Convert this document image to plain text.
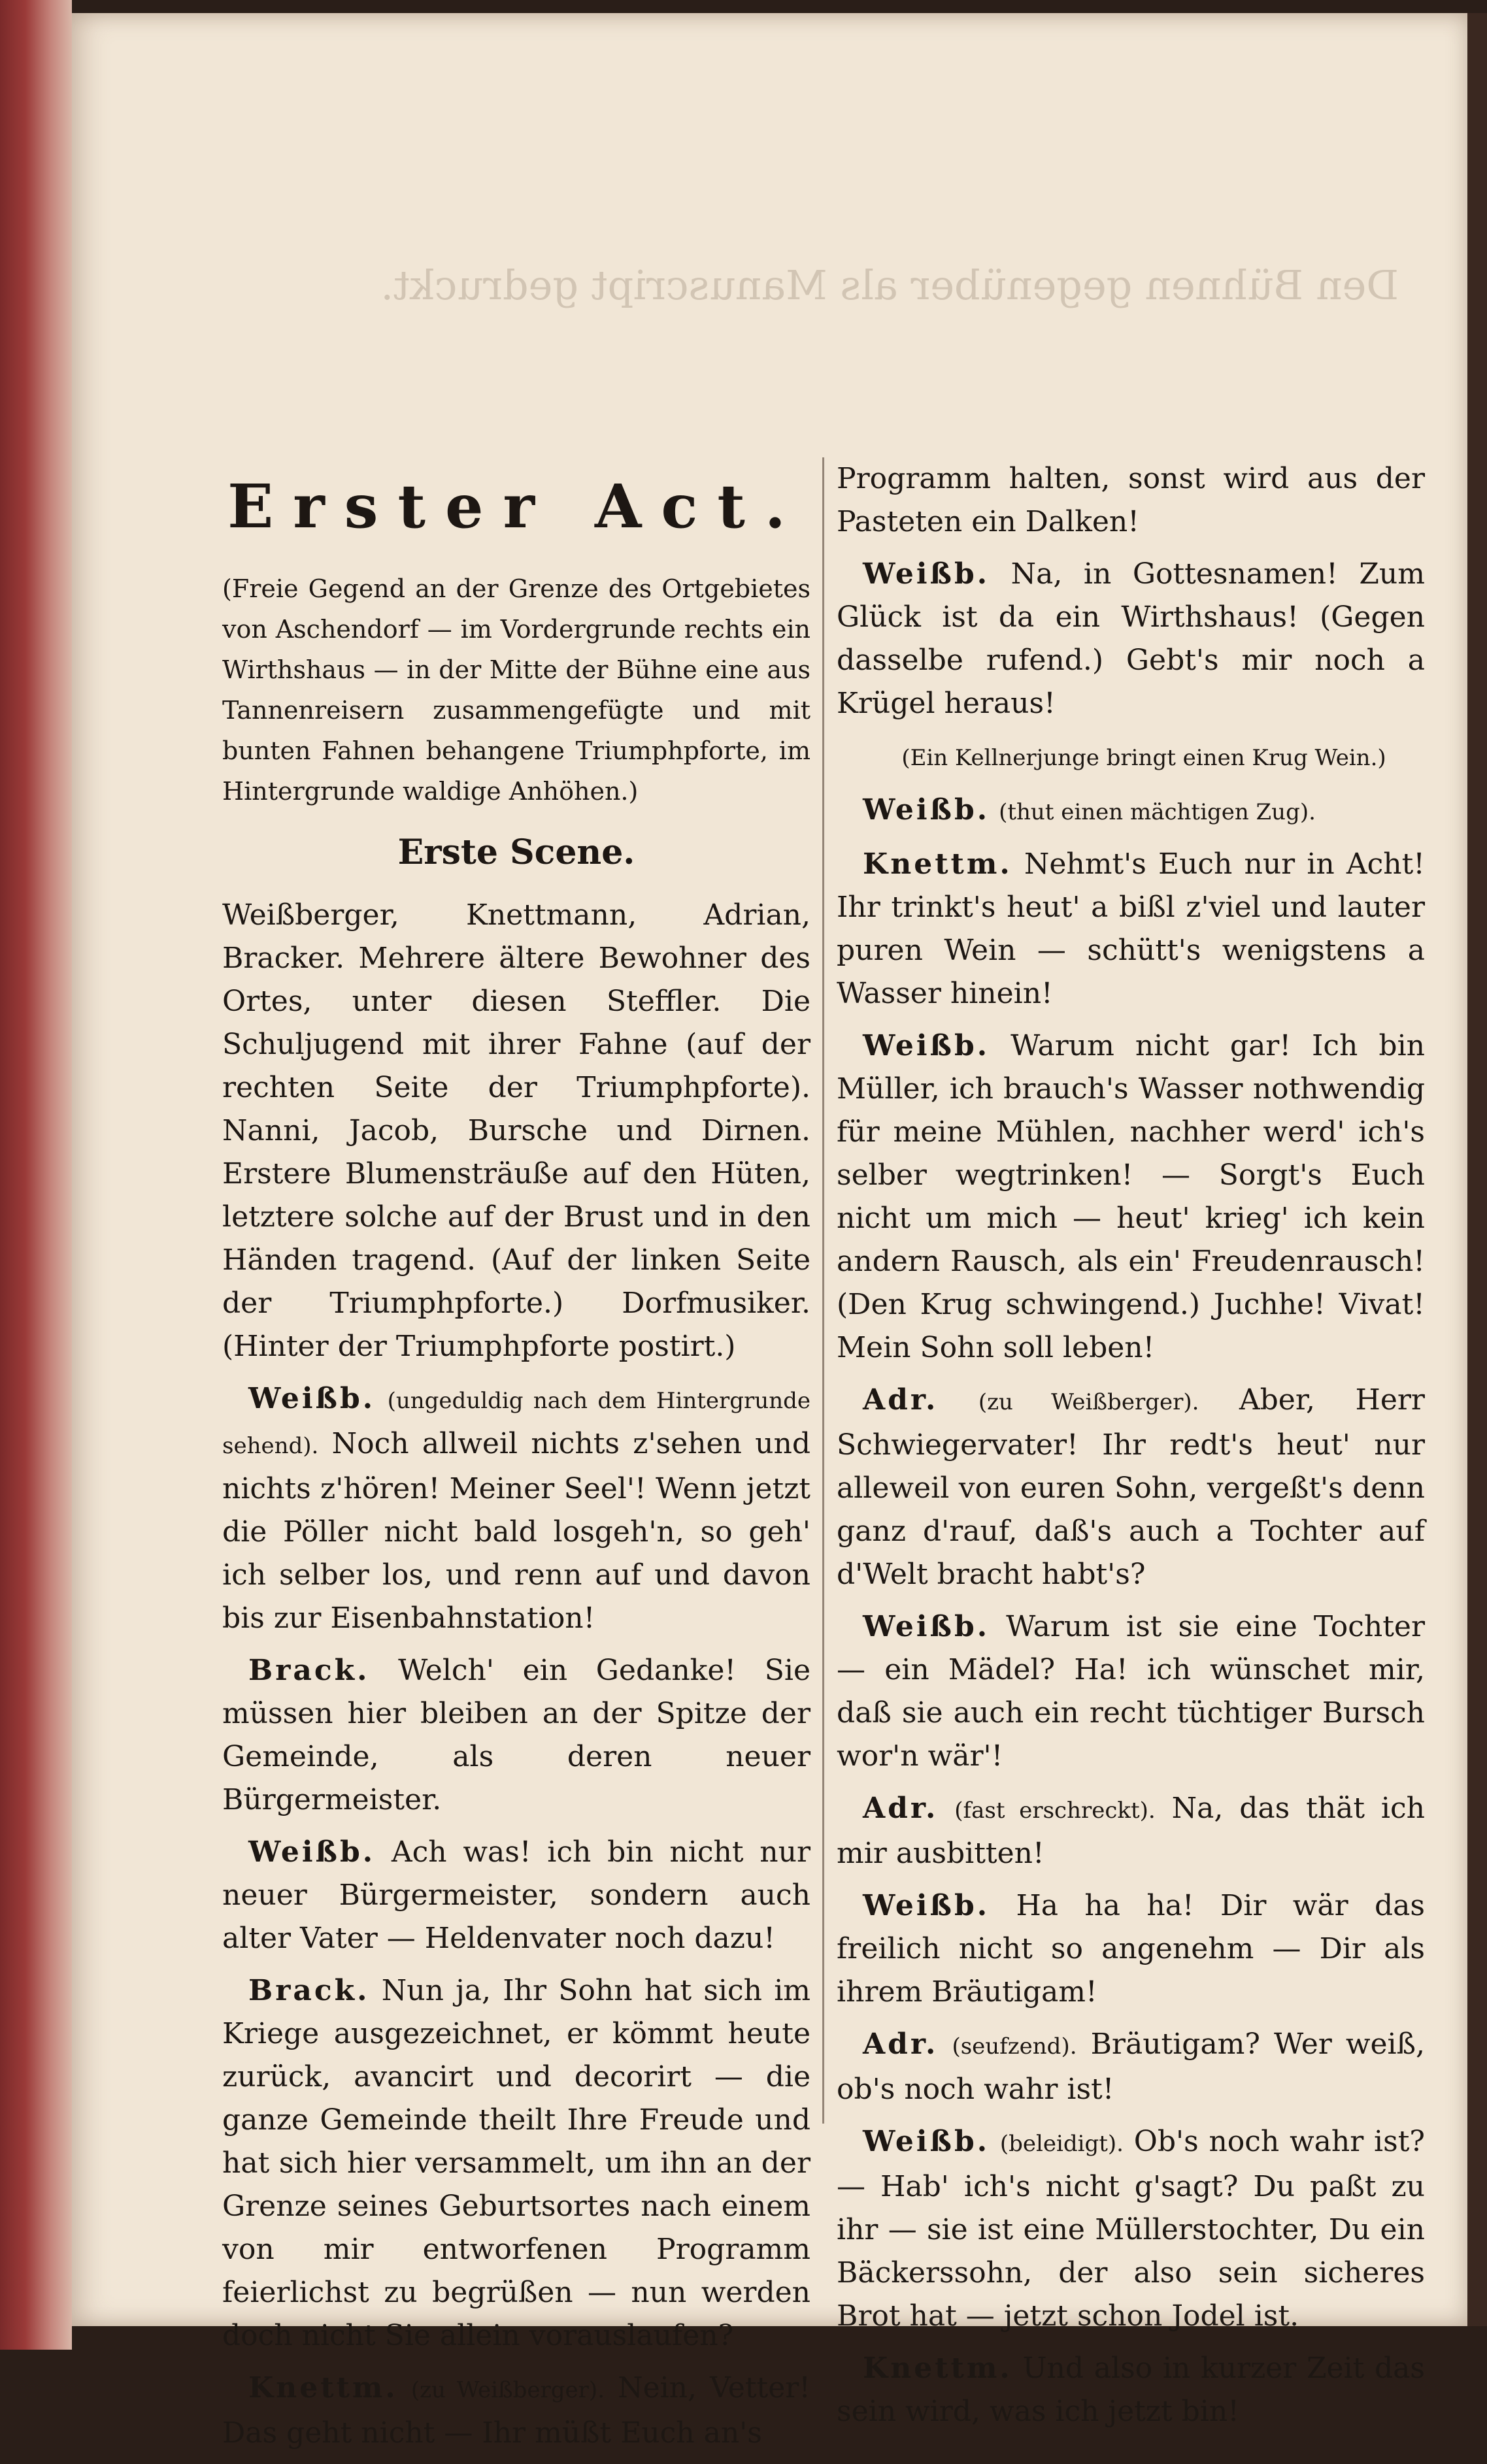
Den Bühnen gegenüber als Manuscript gedruckt.
Erster Act.
(Freie Gegend an der Grenze des Ortgebietes von Aschendorf — im Vordergrunde rechts ein Wirthshaus — in der Mitte der Bühne eine aus Tannenreisern zusammengefügte und mit bunten Fahnen behangene Triumphpforte, im Hintergrunde waldige Anhöhen.)
Erste Scene.
Weißberger, Knettmann, Adrian, Bracker. Mehrere ältere Bewohner des Ortes, unter diesen Steffler. Die Schuljugend mit ihrer Fahne (auf der rechten Seite der Triumphpforte). Nanni, Jacob, Bursche und Dirnen. Erstere Blumensträuße auf den Hüten, letztere solche auf der Brust und in den Händen tragend. (Auf der linken Seite der Triumphpforte.) Dorfmusiker. (Hinter der Triumphpforte postirt.)
Weißb. (ungeduldig nach dem Hintergrunde sehend). Noch allweil nichts z'sehen und nichts z'hören! Meiner Seel'! Wenn jetzt die Pöller nicht bald losgeh'n, so geh' ich selber los, und renn auf und davon bis zur Eisenbahnstation!
Brack. Welch' ein Gedanke! Sie müssen hier bleiben an der Spitze der Gemeinde, als deren neuer Bürgermeister.
Weißb. Ach was! ich bin nicht nur neuer Bürgermeister, sondern auch alter Vater — Heldenvater noch dazu!
Brack. Nun ja, Ihr Sohn hat sich im Kriege ausgezeichnet, er kömmt heute zurück, avancirt und decorirt — die ganze Gemeinde theilt Ihre Freude und hat sich hier versammelt, um ihn an der Grenze seines Geburtsortes nach einem von mir entworfenen Programm feierlichst zu begrüßen — nun werden doch nicht Sie allein vorauslaufen?
Knettm. (zu Weißberger). Nein, Vetter! Das geht nicht — Ihr müßt Euch an's
Programm halten, sonst wird aus der Pasteten ein Dalken!
Weißb. Na, in Gottesnamen! Zum Glück ist da ein Wirthshaus! (Gegen dasselbe rufend.) Gebt's mir noch a Krügel heraus!
(Ein Kellnerjunge bringt einen Krug Wein.)
Weißb. (thut einen mächtigen Zug).
Knettm. Nehmt's Euch nur in Acht! Ihr trinkt's heut' a bißl z'viel und lauter puren Wein — schütt's wenigstens a Wasser hinein!
Weißb. Warum nicht gar! Ich bin Müller, ich brauch's Wasser nothwendig für meine Mühlen, nachher werd' ich's selber wegtrinken! — Sorgt's Euch nicht um mich — heut' krieg' ich kein andern Rausch, als ein' Freudenrausch! (Den Krug schwingend.) Juchhe! Vivat! Mein Sohn soll leben!
Adr. (zu Weißberger). Aber, Herr Schwiegervater! Ihr redt's heut' nur alleweil von euren Sohn, vergeßt's denn ganz d'rauf, daß's auch a Tochter auf d'Welt bracht habt's?
Weißb. Warum ist sie eine Tochter — ein Mädel? Ha! ich wünschet mir, daß sie auch ein recht tüchtiger Bursch wor'n wär'!
Adr. (fast erschreckt). Na, das thät ich mir ausbitten!
Weißb. Ha ha ha! Dir wär das freilich nicht so angenehm — Dir als ihrem Bräutigam!
Adr. (seufzend). Bräutigam? Wer weiß, ob's noch wahr ist!
Weißb. (beleidigt). Ob's noch wahr ist? — Hab' ich's nicht g'sagt? Du paßt zu ihr — sie ist eine Müllerstochter, Du ein Bäckerssohn, der also sein sicheres Brot hat — jetzt schon Jodel ist.
Knettm. Und also in kurzer Zeit das sein wird, was ich jetzt bin!
